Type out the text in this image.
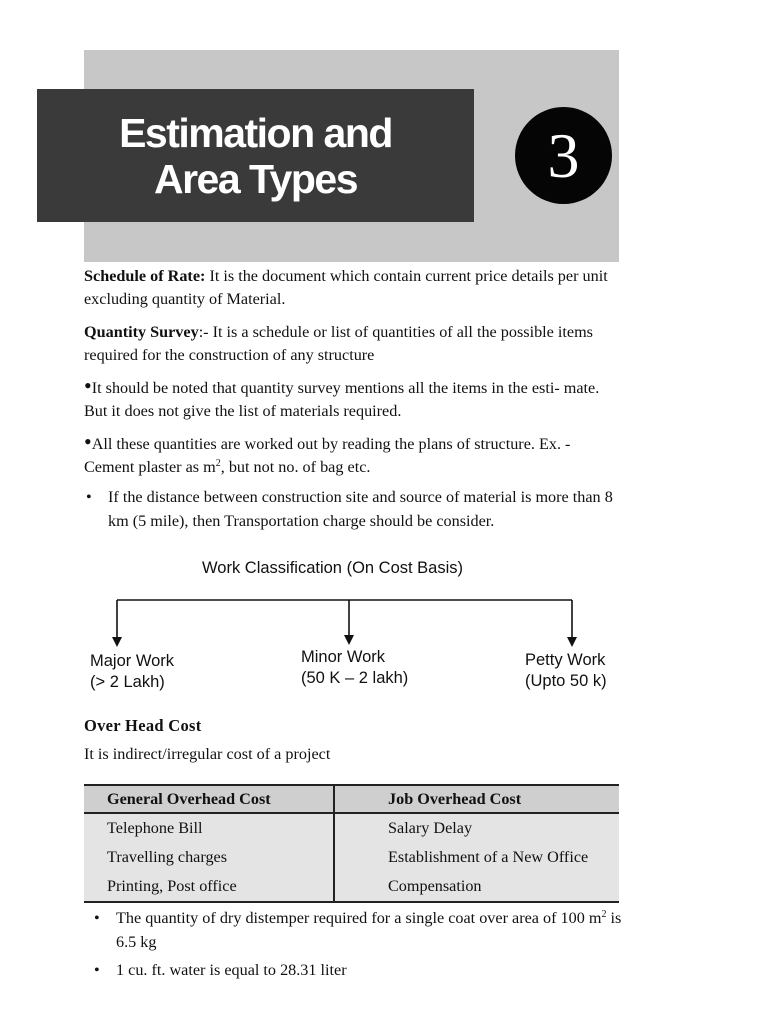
Estimation and
Area Types	3

Schedule of Rate: It is the document which contain current price details per unit excluding quantity of Material.

Quantity Survey:- It is a schedule or list of quantities of all the possible items required for the construction of any structure

•It should be noted that quantity survey mentions all the items in the esti- mate. But it does not give the list of materials required.
•All these quantities are worked out by reading the plans of structure. Ex. - Cement plaster as $m^2$, but not no. of bag etc.
• If the distance between construction site and source of material is more than 8 km (5 mile), then Transportation charge should be consider.
Work Classification (On Cost Basis)
Major Work
(> 2 Lakh)
Minor Work
(50 K – 2 lakh)
Petty Work
(Upto 50 k)
Over Head Cost
It is indirect/irregular cost of a project
General Overhead Cost	Job Overhead Cost
Telephone Bill	Salary Delay
Travelling charges	Establishment of a New Office
Printing, Post office	Compensation
• The quantity of dry distemper required for a single coat over area of 100 $m^2$ is 6.5 kg
• 1 cu. ft. water is equal to 28.31 liter
